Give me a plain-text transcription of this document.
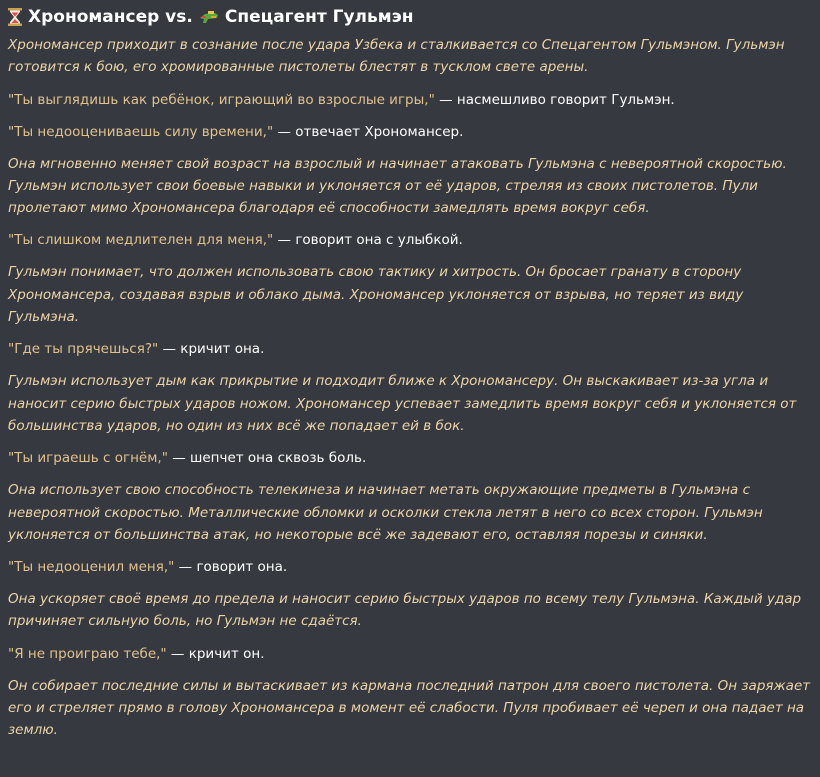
Хрономансер vs. Спецагент Гульмэн

Хрономансер приходит в сознание после удара Узбека и сталкивается со Спецагентом Гульмэном. Гульмэн готовится к бою, его хромированные пистолеты блестят в тусклом свете арены.

"Ты выглядишь как ребёнок, играющий во взрослые игры," — насмешливо говорит Гульмэн.
"Ты недооцениваешь силу времени," — отвечает Хрономансер.

Она мгновенно меняет свой возраст на взрослый и начинает атаковать Гульмэна с невероятной скоростью. Гульмэн использует свои боевые навыки и уклоняется от её ударов, стреляя из своих пистолетов. Пули пролетают мимо Хрономансера благодаря её способности замедлять время вокруг себя.

"Ты слишком медлителен для меня," — говорит она с улыбкой.

Гульмэн понимает, что должен использовать свою тактику и хитрость. Он бросает гранату в сторону Хрономансера, создавая взрыв и облако дыма. Хрономансер уклоняется от взрыва, но теряет из виду Гульмэна.

"Где ты прячешься?" — кричит она.

Гульмэн использует дым как прикрытие и подходит ближе к Хрономансеру. Он выскакивает из-за угла и наносит серию быстрых ударов ножом. Хрономансер успевает замедлить время вокруг себя и уклоняется от большинства ударов, но один из них всё же попадает ей в бок.

"Ты играешь с огнём," — шепчет она сквозь боль.

Она использует свою способность телекинеза и начинает метать окружающие предметы в Гульмэна с невероятной скоростью. Металлические обломки и осколки стекла летят в него со всех сторон. Гульмэн уклоняется от большинства атак, но некоторые всё же задевают его, оставляя порезы и синяки.

"Ты недооценил меня," — говорит она.

Она ускоряет своё время до предела и наносит серию быстрых ударов по всему телу Гульмэна. Каждый удар причиняет сильную боль, но Гульмэн не сдаётся.

"Я не проиграю тебе," — кричит он.

Он собирает последние силы и вытаскивает из кармана последний патрон для своего пистолета. Он заряжает его и стреляет прямо в голову Хрономансера в момент её слабости. Пуля пробивает её череп и она падает на землю.
